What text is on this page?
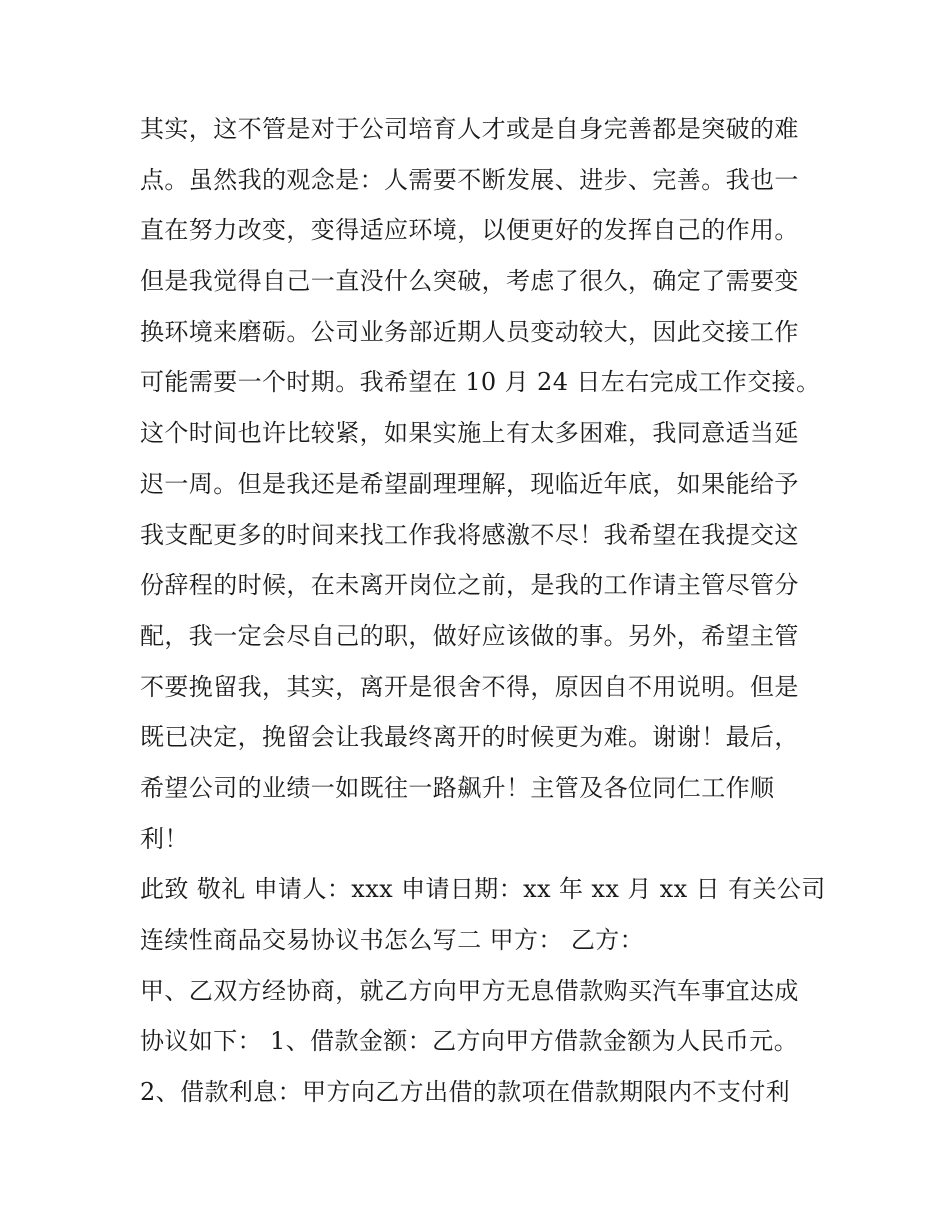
其实，这不管是对于公司培育人才或是自身完善都是突破的难
点。虽然我的观念是：人需要不断发展、进步、完善。我也一
直在努力改变，变得适应环境，以便更好的发挥自己的作用。
但是我觉得自己一直没什么突破，考虑了很久，确定了需要变
换环境来磨砺。公司业务部近期人员变动较大，因此交接工作
可能需要一个时期。我希望在 10 月 24 日左右完成工作交接。
这个时间也许比较紧，如果实施上有太多困难，我同意适当延
迟一周。但是我还是希望副理理解，现临近年底，如果能给予
我支配更多的时间来找工作我将感激不尽！我希望在我提交这
份辞程的时候，在未离开岗位之前，是我的工作请主管尽管分
配，我一定会尽自己的职，做好应该做的事。另外，希望主管
不要挽留我，其实，离开是很舍不得，原因自不用说明。但是
既已决定，挽留会让我最终离开的时候更为难。谢谢！最后，
希望公司的业绩一如既往一路飙升！主管及各位同仁工作顺
利！
此致 敬礼 申请人：xxx 申请日期：xx 年 xx 月 xx 日 有关公司
连续性商品交易协议书怎么写二 甲方： 乙方：
甲、乙双方经协商，就乙方向甲方无息借款购买汽车事宜达成
协议如下： 1、借款金额：乙方向甲方借款金额为人民币元。
2、借款利息：甲方向乙方出借的款项在借款期限内不支付利
